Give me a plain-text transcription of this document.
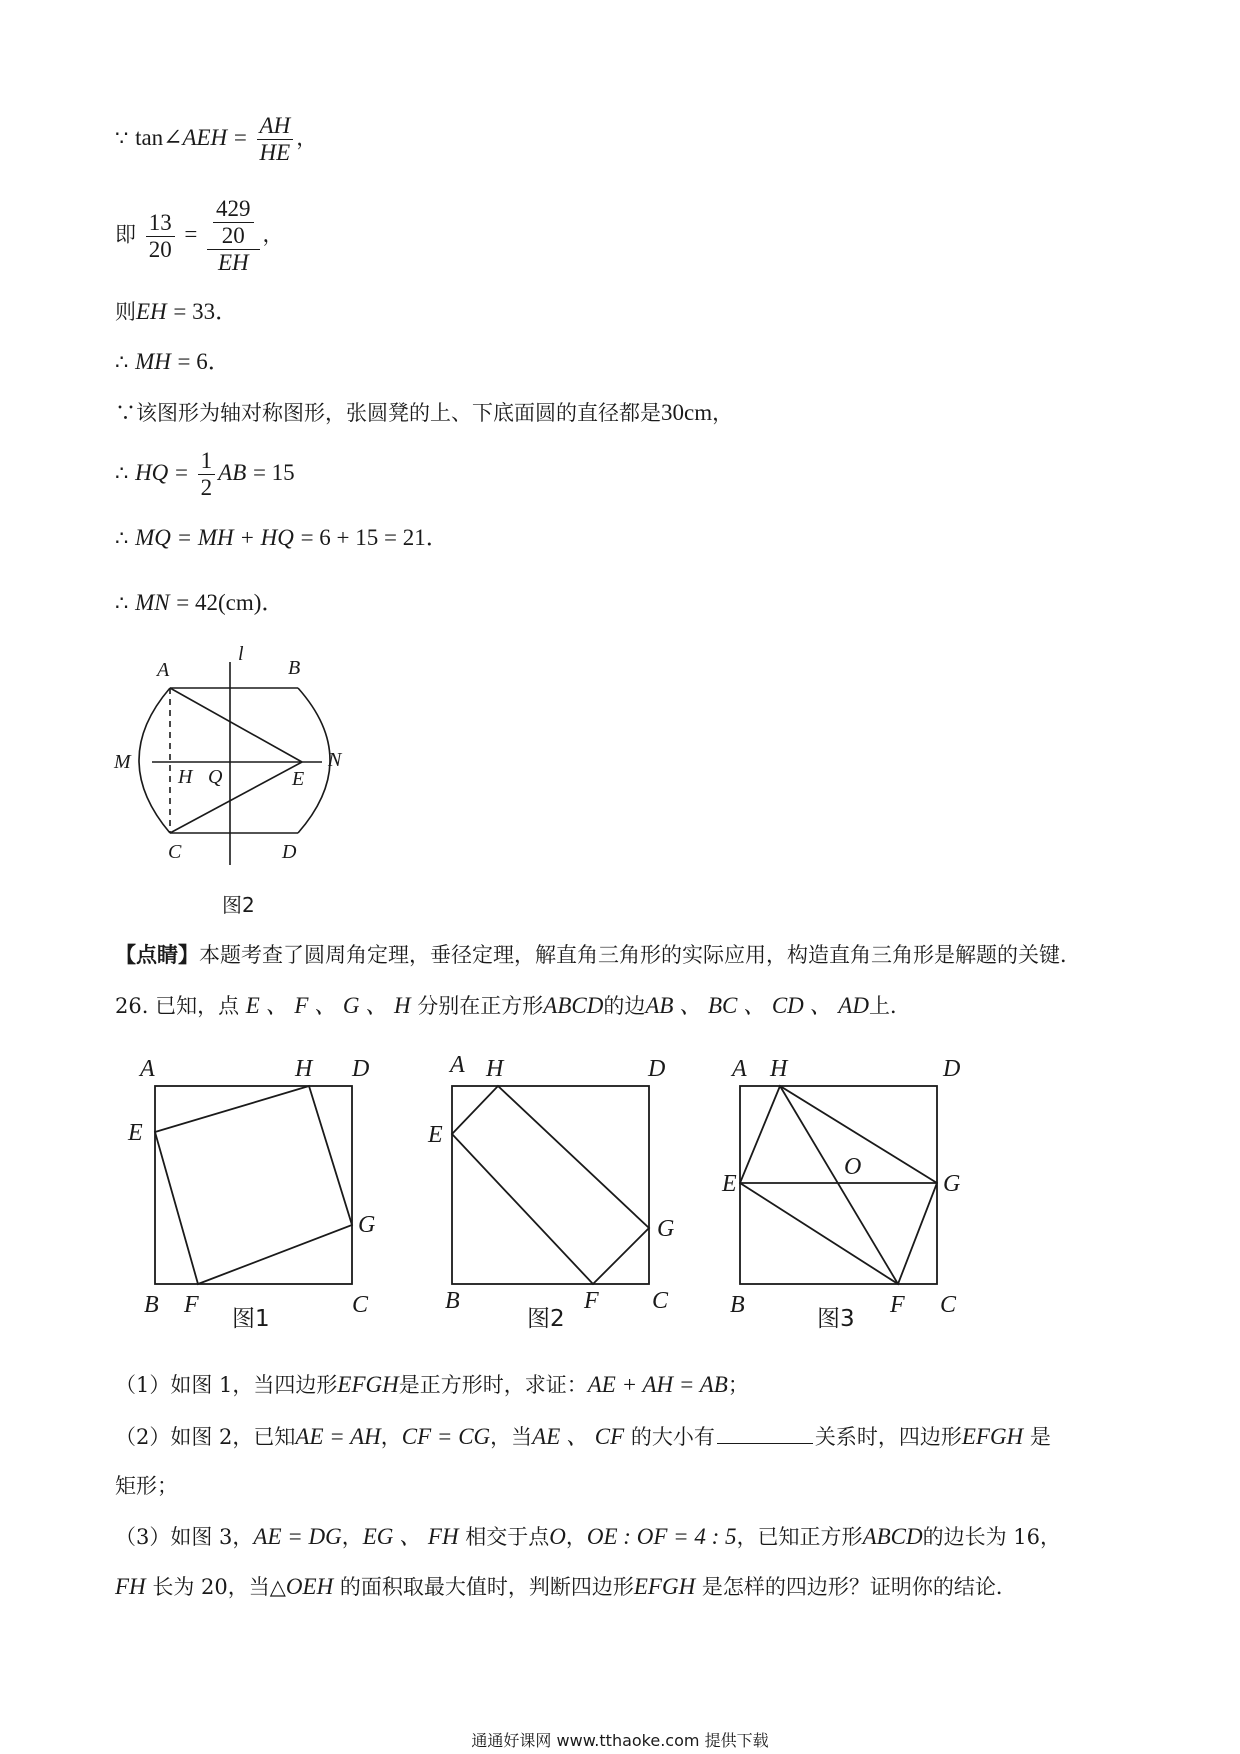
∵ tan∠AEH = $\frac{AH}{HE}$ ，
即 $\frac{13}{20} = \frac{\frac{429}{20}}{EH}$ ，
则EH = 33．
∴ MH = 6．
∵该图形为轴对称图形，张圆凳的上、下底面圆的直径都是30cm，
∴ HQ = $\frac{1}{2}$ AB = 15
∴ MQ = MH + HQ = 6 + 15 = 21．
∴ MN = 42(cm)．
A	B
l
M	N
H Q	E
C	D
图2
【点睛】本题考查了圆周角定理，垂径定理，解直角三角形的实际应用，构造直角三角形是解题的关键．
26. 已知，点 E 、 F 、 G 、 H 分别在正方形ABCD的边AB 、 BC 、 CD 、 AD上．
A	H D
E
G
B F	C
图1
A H	D
E
G
B	F C
图2
A H	D
E
O
G
B	F C
图3
（1）如图 1，当四边形EFGH是正方形时，求证：AE + AH = AB；
（2）如图 2，已知AE = AH，CF = CG，当AE 、 CF 的大小有	关系时，四边形EFGH 是
矩形；
（3）如图 3，AE = DG，EG 、 FH 相交于点O，OE : OF = 4 : 5，已知正方形ABCD的边长为 16，
FH 长为 20，当△OEH 的面积取最大值时，判断四边形EFGH 是怎样的四边形？证明你的结论．
通通好课网 www.tthaoke.com 提供下载
